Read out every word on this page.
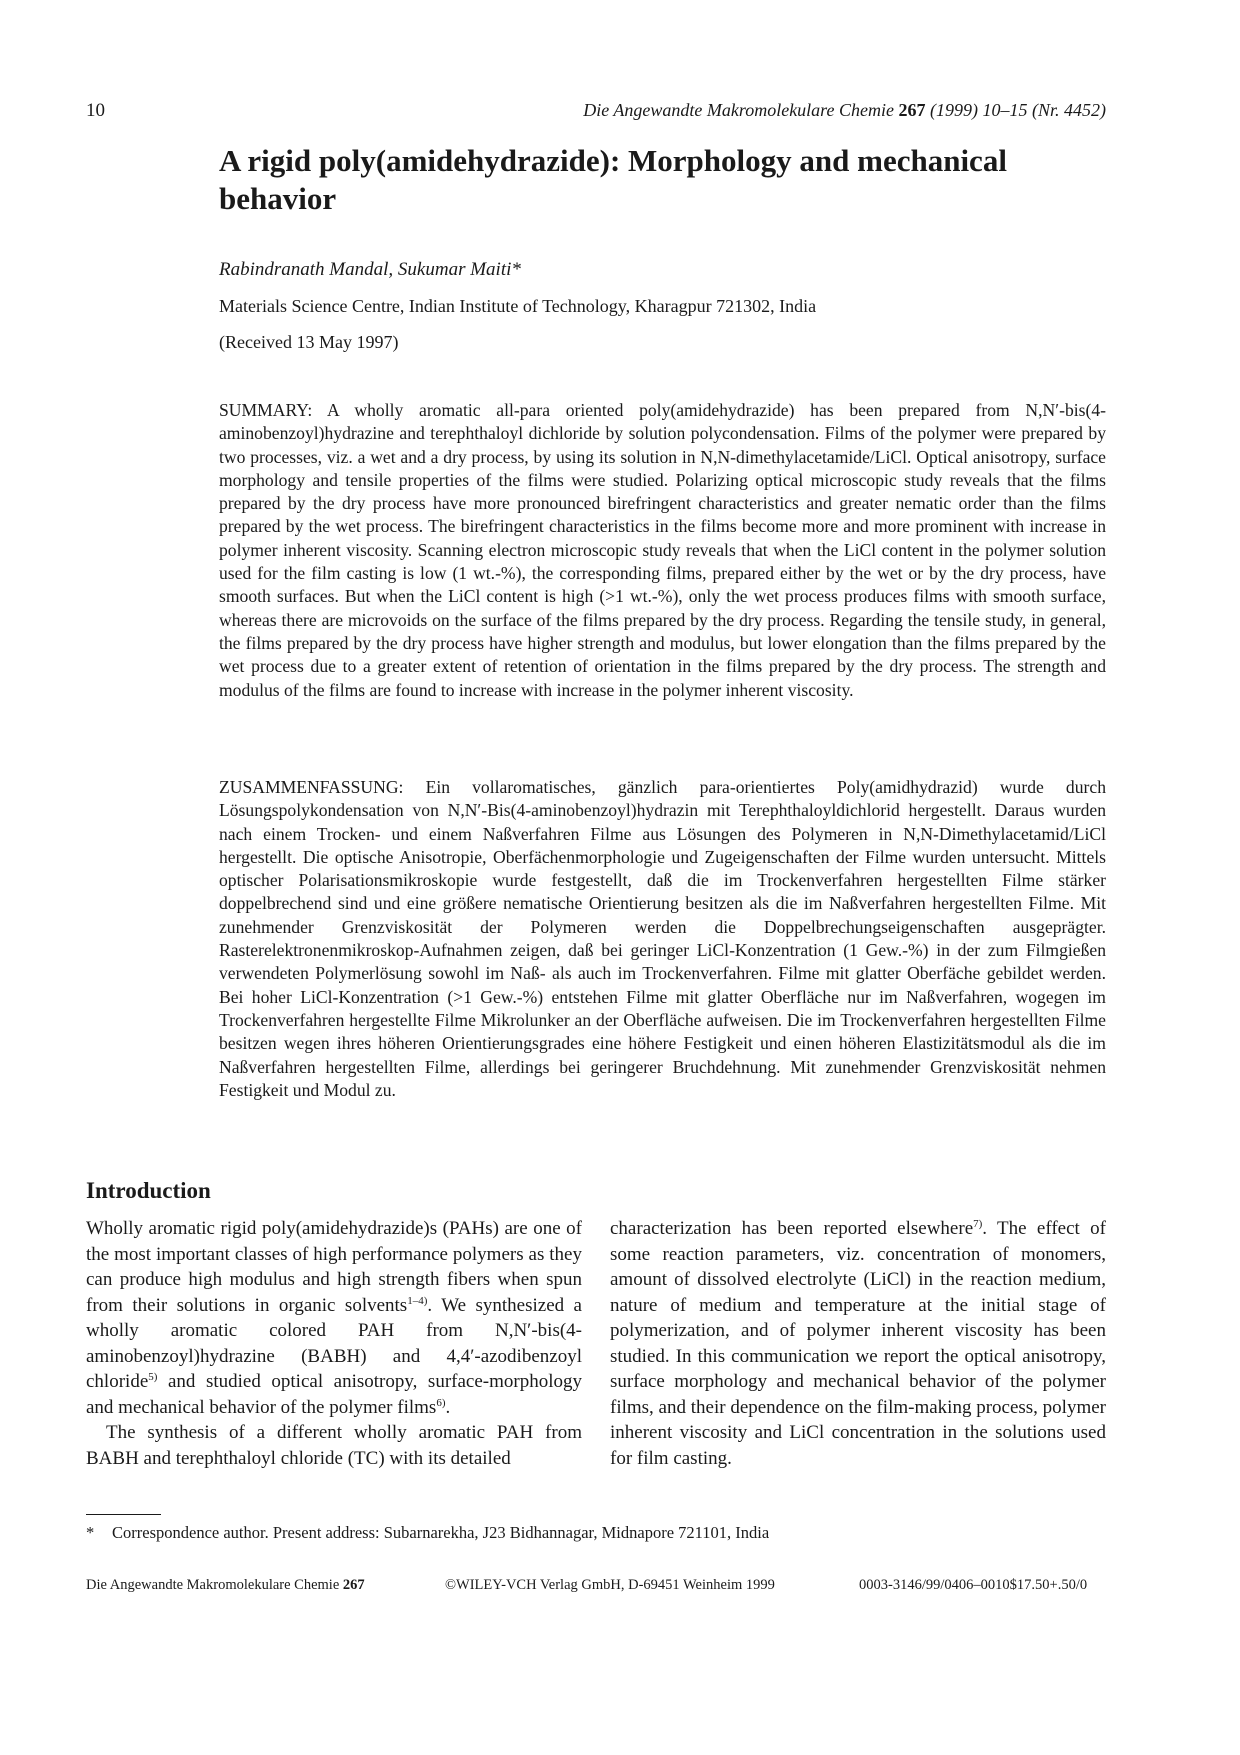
10	Die Angewandte Makromolekulare Chemie 267 (1999) 10–15 (Nr. 4452)
A rigid poly(amidehydrazide): Morphology and mechanical behavior
Rabindranath Mandal, Sukumar Maiti*
Materials Science Centre, Indian Institute of Technology, Kharagpur 721302, India
(Received 13 May 1997)

SUMMARY: A wholly aromatic all-para oriented poly(amidehydrazide) has been prepared from N,N′-bis(4-aminobenzoyl)hydrazine and terephthaloyl dichloride by solution polycondensation. Films of the polymer were prepared by two processes, viz. a wet and a dry process, by using its solution in N,N-dimethylacetamide/LiCl. Optical anisotropy, surface morphology and tensile properties of the films were studied. Polarizing optical microscopic study reveals that the films prepared by the dry process have more pronounced birefringent characteristics and greater nematic order than the films prepared by the wet process. The birefringent characteristics in the films become more and more prominent with increase in polymer inherent viscosity. Scanning electron microscopic study reveals that when the LiCl content in the polymer solution used for the film casting is low (1 wt.-%), the corresponding films, prepared either by the wet or by the dry process, have smooth surfaces. But when the LiCl content is high (>1 wt.-%), only the wet process produces films with smooth surface, whereas there are microvoids on the surface of the films prepared by the dry process. Regarding the tensile study, in general, the films prepared by the dry process have higher strength and modulus, but lower elongation than the films prepared by the wet process due to a greater extent of retention of orientation in the films prepared by the dry process. The strength and modulus of the films are found to increase with increase in the polymer inherent viscosity.

ZUSAMMENFASSUNG: Ein vollaromatisches, gänzlich para-orientiertes Poly(amidhydrazid) wurde durch Lösungspolykondensation von N,N′-Bis(4-aminobenzoyl)hydrazin mit Terephthaloyldichlorid hergestellt. Daraus wurden nach einem Trocken- und einem Naßverfahren Filme aus Lösungen des Polymeren in N,N-Dimethylacetamid/LiCl hergestellt. Die optische Anisotropie, Oberfächenmorphologie und Zugeigenschaften der Filme wurden untersucht. Mittels optischer Polarisationsmikroskopie wurde festgestellt, daß die im Trockenverfahren hergestellten Filme stärker doppelbrechend sind und eine größere nematische Orientierung besitzen als die im Naßverfahren hergestellten Filme. Mit zunehmender Grenzviskosität der Polymeren werden die Doppelbrechungseigenschaften ausgeprägter. Rasterelektronenmikroskop-Aufnahmen zeigen, daß bei geringer LiCl-Konzentration (1 Gew.-%) in der zum Filmgießen verwendeten Polymerlösung sowohl im Naß- als auch im Trockenverfahren. Filme mit glatter Oberfäche gebildet werden. Bei hoher LiCl-Konzentration (>1 Gew.-%) entstehen Filme mit glatter Oberfläche nur im Naßverfahren, wogegen im Trockenverfahren hergestellte Filme Mikrolunker an der Oberfläche aufweisen. Die im Trockenverfahren hergestellten Filme besitzen wegen ihres höheren Orientierungsgrades eine höhere Festigkeit und einen höheren Elastizitätsmodul als die im Naßverfahren hergestellten Filme, allerdings bei geringerer Bruchdehnung. Mit zunehmender Grenzviskosität nehmen Festigkeit und Modul zu.

Introduction

Wholly aromatic rigid poly(amidehydrazide)s (PAHs) are one of the most important classes of high performance polymers as they can produce high modulus and high strength fibers when spun from their solutions in organic solvents$^{1-4)}$. We synthesized a wholly aromatic colored PAH from N,N′-bis(4-aminobenzoyl)hydrazine (BABH) and 4,4′-azodibenzoyl chloride$^{5)}$ and studied optical anisotropy, surface-morphology and mechanical behavior of the polymer films$^{6)}$.

The synthesis of a different wholly aromatic PAH from BABH and terephthaloyl chloride (TC) with its detailed

characterization has been reported elsewhere$^{7)}$. The effect of some reaction parameters, viz. concentration of monomers, amount of dissolved electrolyte (LiCl) in the reaction medium, nature of medium and temperature at the initial stage of polymerization, and of polymer inherent viscosity has been studied. In this communication we report the optical anisotropy, surface morphology and mechanical behavior of the polymer films, and their dependence on the film-making process, polymer inherent viscosity and LiCl concentration in the solutions used for film casting.

* Correspondence author. Present address: Subarnarekha, J23 Bidhannagar, Midnapore 721101, India
Die Angewandte Makromolekulare Chemie 267	©WILEY-VCH Verlag GmbH, D-69451 Weinheim 1999	0003-3146/99/0406–0010$17.50+.50/0
